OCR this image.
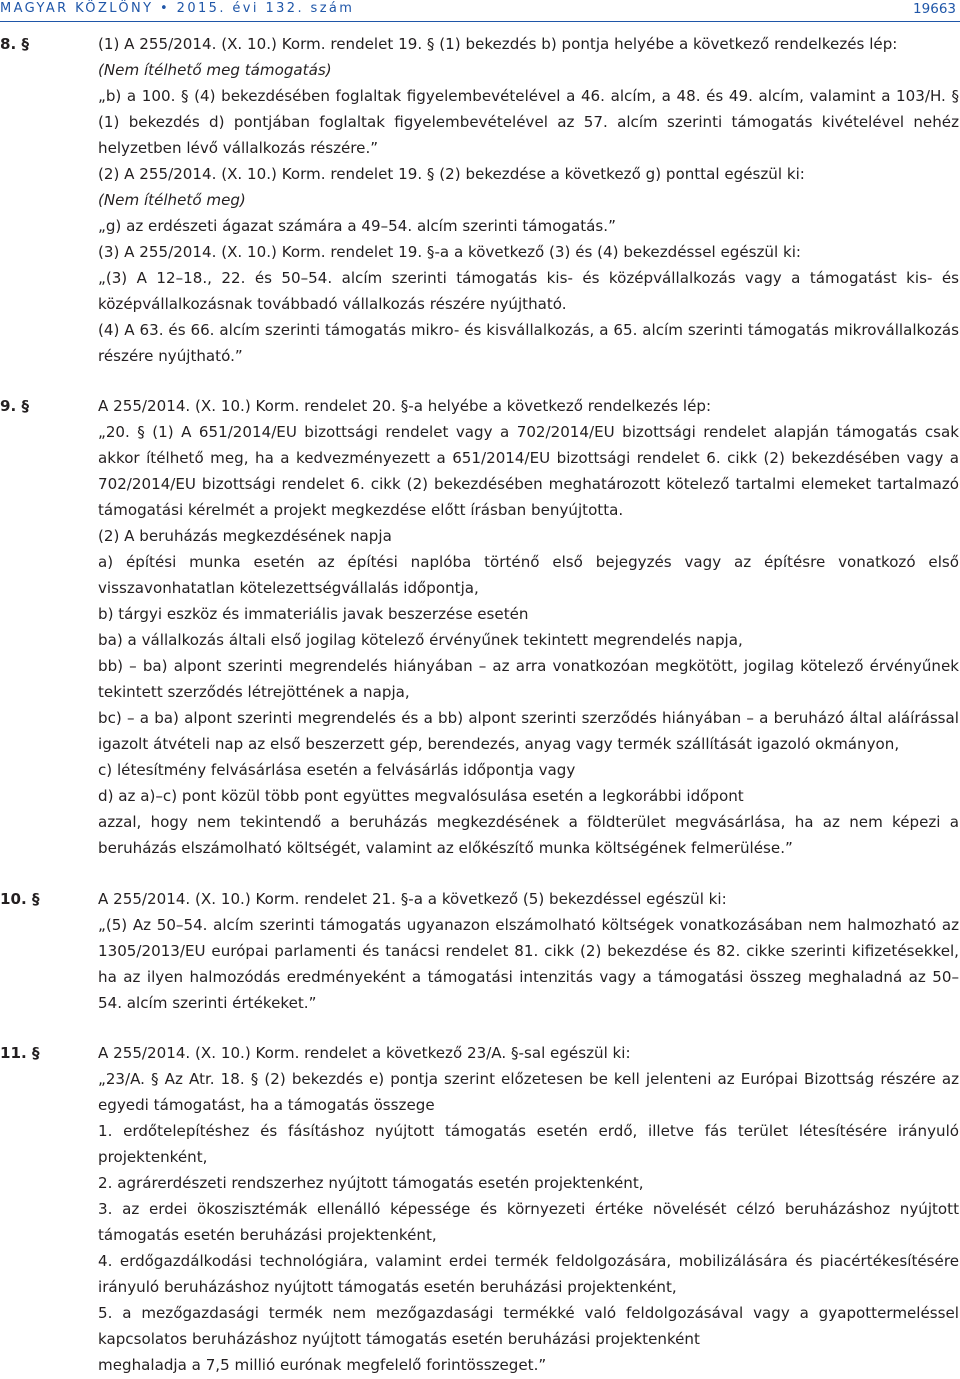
MAGYAR KÖZLÖNY • 2015. évi 132. szám	19663
8. §	(1) A 255/2014. (X. 10.) Korm. rendelet 19. § (1) bekezdés b) pontja helyébe a következő rendelkezés lép:

(Nem ítélhető meg támogatás)

„b) a 100. § (4) bekezdésében foglaltak figyelembevételével a 46. alcím, a 48. és 49. alcím, valamint a 103/H. § (1) bekezdés d) pontjában foglaltak figyelembevételével az 57. alcím szerinti támogatás kivételével nehéz helyzetben lévő vállalkozás részére.”

(2) A 255/2014. (X. 10.) Korm. rendelet 19. § (2) bekezdése a következő g) ponttal egészül ki:

(Nem ítélhető meg)

„g) az erdészeti ágazat számára a 49–54. alcím szerinti támogatás.”

(3) A 255/2014. (X. 10.) Korm. rendelet 19. §-a a következő (3) és (4) bekezdéssel egészül ki:

„(3) A 12–18., 22. és 50–54. alcím szerinti támogatás kis- és középvállalkozás vagy a támogatást kis- és középvállalkozásnak továbbadó vállalkozás részére nyújtható.

(4) A 63. és 66. alcím szerinti támogatás mikro- és kisvállalkozás, a 65. alcím szerinti támogatás mikrovállalkozás részére nyújtható.”

9. §	A 255/2014. (X. 10.) Korm. rendelet 20. §-a helyébe a következő rendelkezés lép:

„20. § (1) A 651/2014/EU bizottsági rendelet vagy a 702/2014/EU bizottsági rendelet alapján támogatás csak akkor ítélhető meg, ha a kedvezményezett a 651/2014/EU bizottsági rendelet 6. cikk (2) bekezdésében vagy a 702/2014/EU bizottsági rendelet 6. cikk (2) bekezdésében meghatározott kötelező tartalmi elemeket tartalmazó támogatási kérelmét a projekt megkezdése előtt írásban benyújtotta.

(2) A beruházás megkezdésének napja

a) építési munka esetén az építési naplóba történő első bejegyzés vagy az építésre vonatkozó első visszavonhatatlan kötelezettségvállalás időpontja,

b) tárgyi eszköz és immateriális javak beszerzése esetén

ba) a vállalkozás általi első jogilag kötelező érvényűnek tekintett megrendelés napja,

bb) – ba) alpont szerinti megrendelés hiányában – az arra vonatkozóan megkötött, jogilag kötelező érvényűnek tekintett szerződés létrejöttének a napja,

bc) – a ba) alpont szerinti megrendelés és a bb) alpont szerinti szerződés hiányában – a beruházó által aláírással igazolt átvételi nap az első beszerzett gép, berendezés, anyag vagy termék szállítását igazoló okmányon,

c) létesítmény felvásárlása esetén a felvásárlás időpontja vagy

d) az a)–c) pont közül több pont együttes megvalósulása esetén a legkorábbi időpont

azzal, hogy nem tekintendő a beruházás megkezdésének a földterület megvásárlása, ha az nem képezi a beruházás elszámolható költségét, valamint az előkészítő munka költségének felmerülése.”

10. §	A 255/2014. (X. 10.) Korm. rendelet 21. §-a a következő (5) bekezdéssel egészül ki:

„(5) Az 50–54. alcím szerinti támogatás ugyanazon elszámolható költségek vonatkozásában nem halmozható az 1305/2013/EU európai parlamenti és tanácsi rendelet 81. cikk (2) bekezdése és 82. cikke szerinti kifizetésekkel, ha az ilyen halmozódás eredményeként a támogatási intenzitás vagy a támogatási összeg meghaladná az 50–54. alcím szerinti értékeket.”

11. §	A 255/2014. (X. 10.) Korm. rendelet a következő 23/A. §-sal egészül ki:

„23/A. § Az Atr. 18. § (2) bekezdés e) pontja szerint előzetesen be kell jelenteni az Európai Bizottság részére az egyedi támogatást, ha a támogatás összege

1. erdőtelepítéshez és fásításhoz nyújtott támogatás esetén erdő, illetve fás terület létesítésére irányuló projektenként,

2. agrárerdészeti rendszerhez nyújtott támogatás esetén projektenként,

3. az erdei ökoszisztémák ellenálló képessége és környezeti értéke növelését célzó beruházáshoz nyújtott támogatás esetén beruházási projektenként,

4. erdőgazdálkodási technológiára, valamint erdei termék feldolgozására, mobilizálására és piacértékesítésére irányuló beruházáshoz nyújtott támogatás esetén beruházási projektenként,

5. a mezőgazdasági termék nem mezőgazdasági termékké való feldolgozásával vagy a gyapottermeléssel kapcsolatos beruházáshoz nyújtott támogatás esetén beruházási projektenként

meghaladja a 7,5 millió eurónak megfelelő forintösszeget.”
